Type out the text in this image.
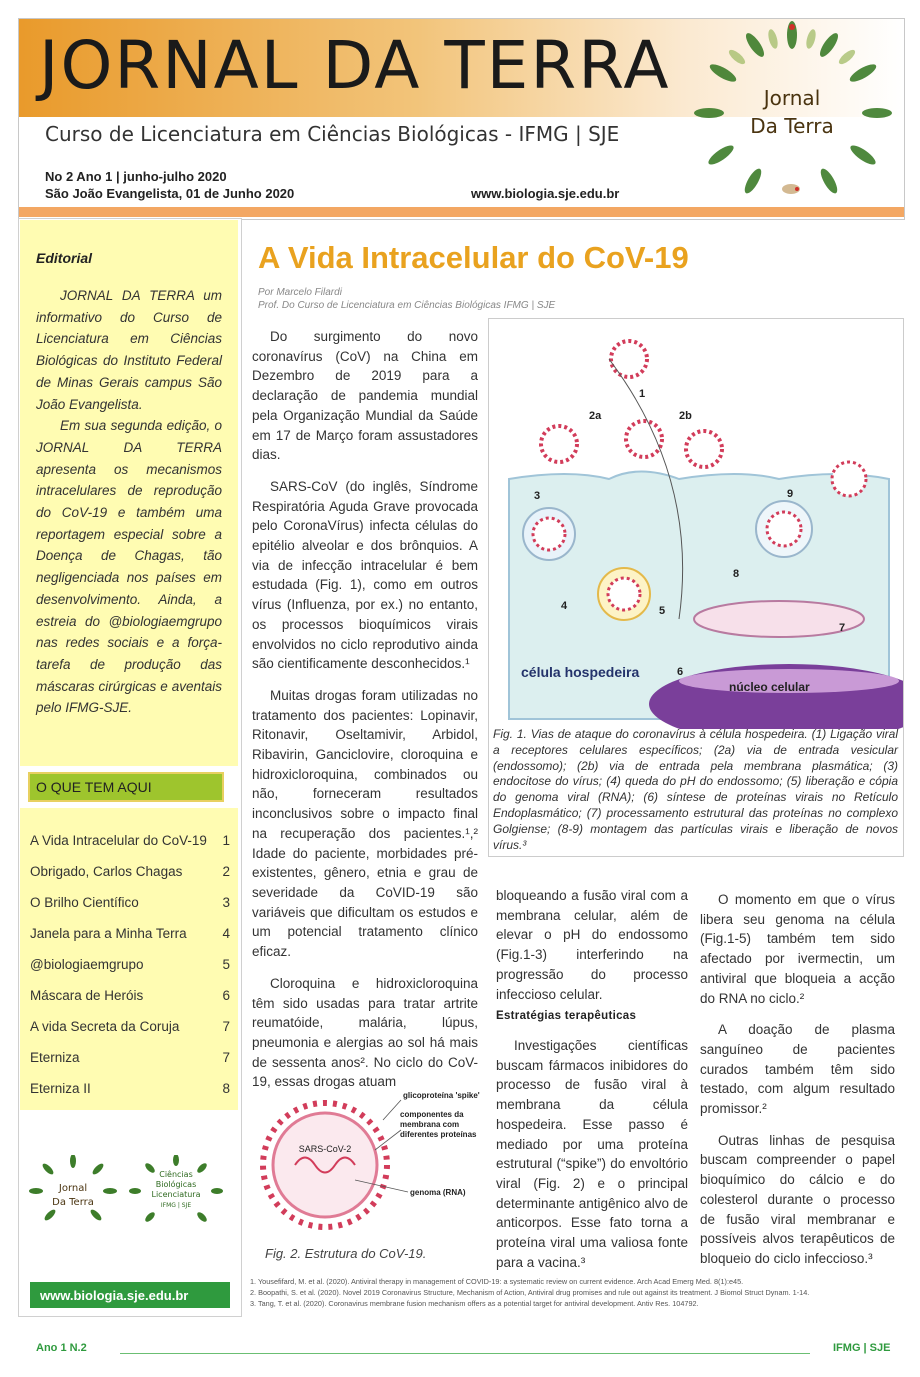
JORNAL DA TERRA
Curso de Licenciatura em Ciências Biológicas - IFMG | SJE
No 2 Ano 1 | junho-julho 2020
São João Evangelista, 01 de Junho 2020	www.biologia.sje.edu.br
Jornal
Da Terra
Editorial

JORNAL DA TERRA um informativo do Curso de Licenciatura em Ciências Biológicas do Instituto Federal de Minas Gerais campus São João Evangelista.

Em sua segunda edição, o JORNAL DA TERRA apresenta os mecanismos intracelulares de reprodução do CoV-19 e também uma reportagem especial sobre a Doença de Chagas, tão negligenciada nos países em desenvolvimento. Ainda, a estreia do @biologiaemgrupo nas redes sociais e a força-tarefa de produção das máscaras cirúrgicas e aventais pelo IFMG-SJE.

O QUE TEM AQUI
A Vida Intracelular do CoV-19 1
Obrigado, Carlos Chagas	2
O Brilho Científico	3
Janela para a Minha Terra	4
@biologiaemgrupo	5
Máscara de Heróis	6
A vida Secreta da Coruja	7
Eterniza	7
Eterniza II	8
Jornal
Da Terra
Ciências
Biológicas
Licenciatura
IFMG | SJE
www.biologia.sje.edu.br
A Vida Intracelular do CoV-19
Por Marcelo Filardi
Prof. Do Curso de Licenciatura em Ciências Biológicas IFMG | SJE

Do surgimento do novo coronavírus (CoV) na China em Dezembro de 2019 para a declaração de pandemia mundial pela Organização Mundial da Saúde em 17 de Março foram assustadores dias.

SARS-CoV (do inglês, Síndrome Respiratória Aguda Grave provocada pelo CoronaVírus) infecta células do epitélio alveolar e dos brônquios. A via de infecção intracelular é bem estudada (Fig. 1), como em outros vírus (Influenza, por ex.) no entanto, os processos bioquímicos virais envolvidos no ciclo reprodutivo ainda são cientificamente desconhecidos.¹

Muitas drogas foram utilizadas no tratamento dos pacientes: Lopinavir, Ritonavir, Oseltamivir, Arbidol, Ribavirin, Ganciclovire, cloroquina e hidroxicloroquina, combinados ou não, forneceram resultados inconclusivos sobre o impacto final na recuperação dos pacientes.¹,² Idade do paciente, morbidades pré-existentes, gênero, etnia e grau de severidade da CoVID-19 são variáveis que dificultam os estudos e um potencial tratamento clínico eficaz.

Cloroquina e hidroxicloroquina têm sido usadas para tratar artrite reumatóide, malária, lúpus, pneumonia e alergias ao sol há mais de sessenta anos². No ciclo do CoV-19, essas drogas atuam

1
2a	2b
3
4	5
6
7
8
9
célula hospedeira
núcleo celular
Fig. 1. Vias de ataque do coronavírus à célula hospedeira. (1) Ligação viral a receptores celulares específicos; (2a) via de entrada vesicular (endossomo); (2b) via de entrada pela membrana plasmática; (3) endocitose do vírus; (4) queda do pH do endossomo; (5) liberação e cópia do genoma viral (RNA); (6) síntese de proteínas virais no Retículo Endoplasmático; (7) processamento estrutural das proteínas no complexo Golgiense; (8-9) montagem das partículas virais e liberação de novos vírus.³

bloqueando a fusão viral com a membrana celular, além de elevar o pH do endossomo (Fig.1-3) interferindo na progressão do processo infeccioso celular.

Estratégias terapêuticas

Investigações científicas buscam fármacos inibidores do processo de fusão viral à membrana da célula hospedeira. Esse passo é mediado por uma proteína estrutural (“spike”) do envoltório viral (Fig. 2) e o principal determinante antigênico alvo de anticorpos. Esse fato torna a proteína viral uma valiosa fonte para a vacina.³

O momento em que o vírus libera seu genoma na célula (Fig.1-5) também tem sido afectado por ivermectin, um antiviral que bloqueia a acção do RNA no ciclo.²

A doação de plasma sanguíneo de pacientes curados também têm sido testado, com algum resultado promissor.²

Outras linhas de pesquisa buscam compreender o papel bioquímico do cálcio e do colesterol durante o processo de fusão viral membranar e possíveis alvos terapêuticos de bloqueio do ciclo infeccioso.³

SARS-CoV-2
glicoproteína 'spike'
componentes da membrana com diferentes proteínas
genoma (RNA)
Fig. 2. Estrutura do CoV-19.
1. Yousefifard, M. et al. (2020). Antiviral therapy in management of COVID-19: a systematic review on current evidence. Arch Acad Emerg Med. 8(1):e45.
2. Boopathi, S. et al. (2020). Novel 2019 Coronavirus Structure, Mechanism of Action, Antiviral drug promises and rule out against its treatment. J Biomol Struct Dynam. 1-14.
3. Tang, T. et al. (2020). Coronavirus membrane fusion mechanism offers as a potential target for antiviral development. Antiv Res. 104792.
Ano 1 N.2	IFMG | SJE
